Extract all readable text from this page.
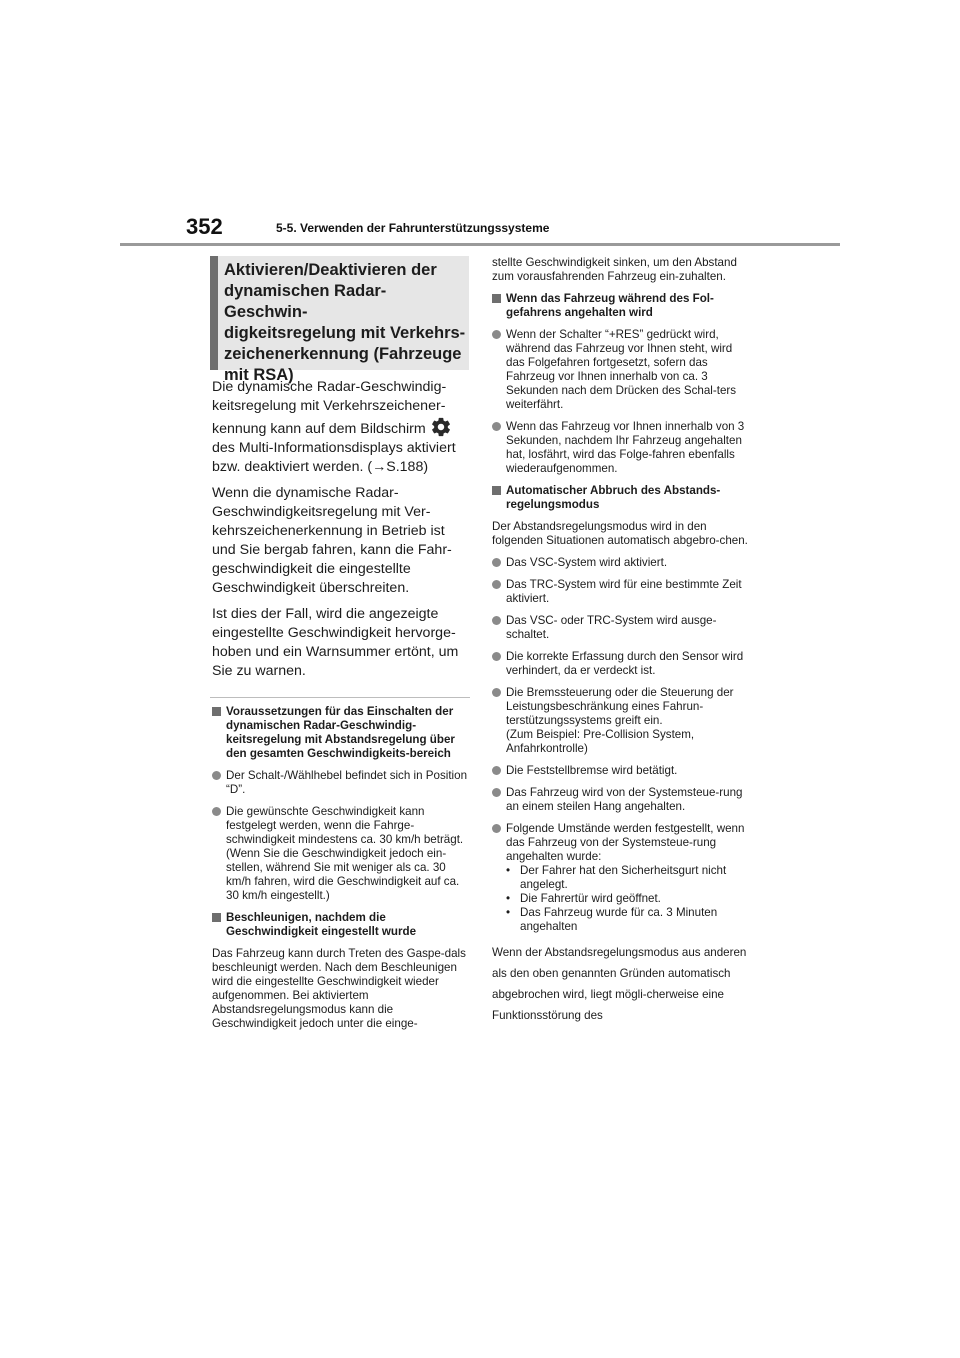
352	5-5. Verwenden der Fahrunterstützungssysteme
Aktivieren/Deaktivieren der
dynamischen Radar-Geschwin-
digkeitsregelung mit Verkehrs-
zeichenerkennung (Fahrzeuge
mit RSA)

Die dynamische Radar-Geschwindig-keitsregelung mit Verkehrszeichener-kennung kann auf dem Bildschirm  des Multi-Informationsdisplays aktiviert bzw. deaktiviert werden. (→S.188)

Wenn die dynamische Radar-Geschwindigkeitsregelung mit Ver-kehrszeichenerkennung in Betrieb ist und Sie bergab fahren, kann die Fahr-geschwindigkeit die eingestellte Geschwindigkeit überschreiten.

Ist dies der Fall, wird die angezeigte eingestellte Geschwindigkeit hervorge-hoben und ein Warnsummer ertönt, um Sie zu warnen.

Voraussetzungen für das Einschalten der dynamischen Radar-Geschwindig-keitsregelung mit Abstandsregelung über den gesamten Geschwindigkeits-bereich
Der Schalt-/Wählhebel befindet sich in Position “D”.
Die gewünschte Geschwindigkeit kann festgelegt werden, wenn die Fahrge-schwindigkeit mindestens ca. 30 km/h beträgt.
(Wenn Sie die Geschwindigkeit jedoch ein-stellen, während Sie mit weniger als ca. 30 km/h fahren, wird die Geschwindigkeit auf ca. 30 km/h eingestellt.)
Beschleunigen, nachdem die Geschwindigkeit eingestellt wurde
Das Fahrzeug kann durch Treten des Gaspe-dals beschleunigt werden. Nach dem Beschleunigen wird die eingestellte Geschwindigkeit wieder aufgenommen. Bei aktiviertem Abstandsregelungsmodus kann die Geschwindigkeit jedoch unter die einge-
stellte Geschwindigkeit sinken, um den Abstand zum vorausfahrenden Fahrzeug ein-zuhalten.
Wenn das Fahrzeug während des Fol-gefahrens angehalten wird
Wenn der Schalter “+RES” gedrückt wird, während das Fahrzeug vor Ihnen steht, wird das Folgefahren fortgesetzt, sofern das Fahrzeug vor Ihnen innerhalb von ca. 3 Sekunden nach dem Drücken des Schal-ters weiterfährt.
Wenn das Fahrzeug vor Ihnen innerhalb von 3 Sekunden, nachdem Ihr Fahrzeug angehalten hat, losfährt, wird das Folge-fahren ebenfalls wiederaufgenommen.
Automatischer Abbruch des Abstands-regelungsmodus
Der Abstandsregelungsmodus wird in den folgenden Situationen automatisch abgebro-chen.
Das VSC-System wird aktiviert.
Das TRC-System wird für eine bestimmte Zeit aktiviert.
Das VSC- oder TRC-System wird ausge-schaltet.
Die korrekte Erfassung durch den Sensor wird verhindert, da er verdeckt ist.
Die Bremssteuerung oder die Steuerung der Leistungsbeschränkung eines Fahrun-terstützungssystems greift ein.
(Zum Beispiel: Pre-Collision System, Anfahrkontrolle)
Die Feststellbremse wird betätigt.
Das Fahrzeug wird von der Systemsteue-rung an einem steilen Hang angehalten.
Folgende Umstände werden festgestellt, wenn das Fahrzeug von der Systemsteue-rung angehalten wurde:
• Der Fahrer hat den Sicherheitsgurt nicht angelegt.
• Die Fahrertür wird geöffnet.
• Das Fahrzeug wurde für ca. 3 Minuten angehalten
Wenn der Abstandsregelungsmodus aus anderen als den oben genannten Gründen automatisch abgebrochen wird, liegt mögli-cherweise eine Funktionsstörung des
